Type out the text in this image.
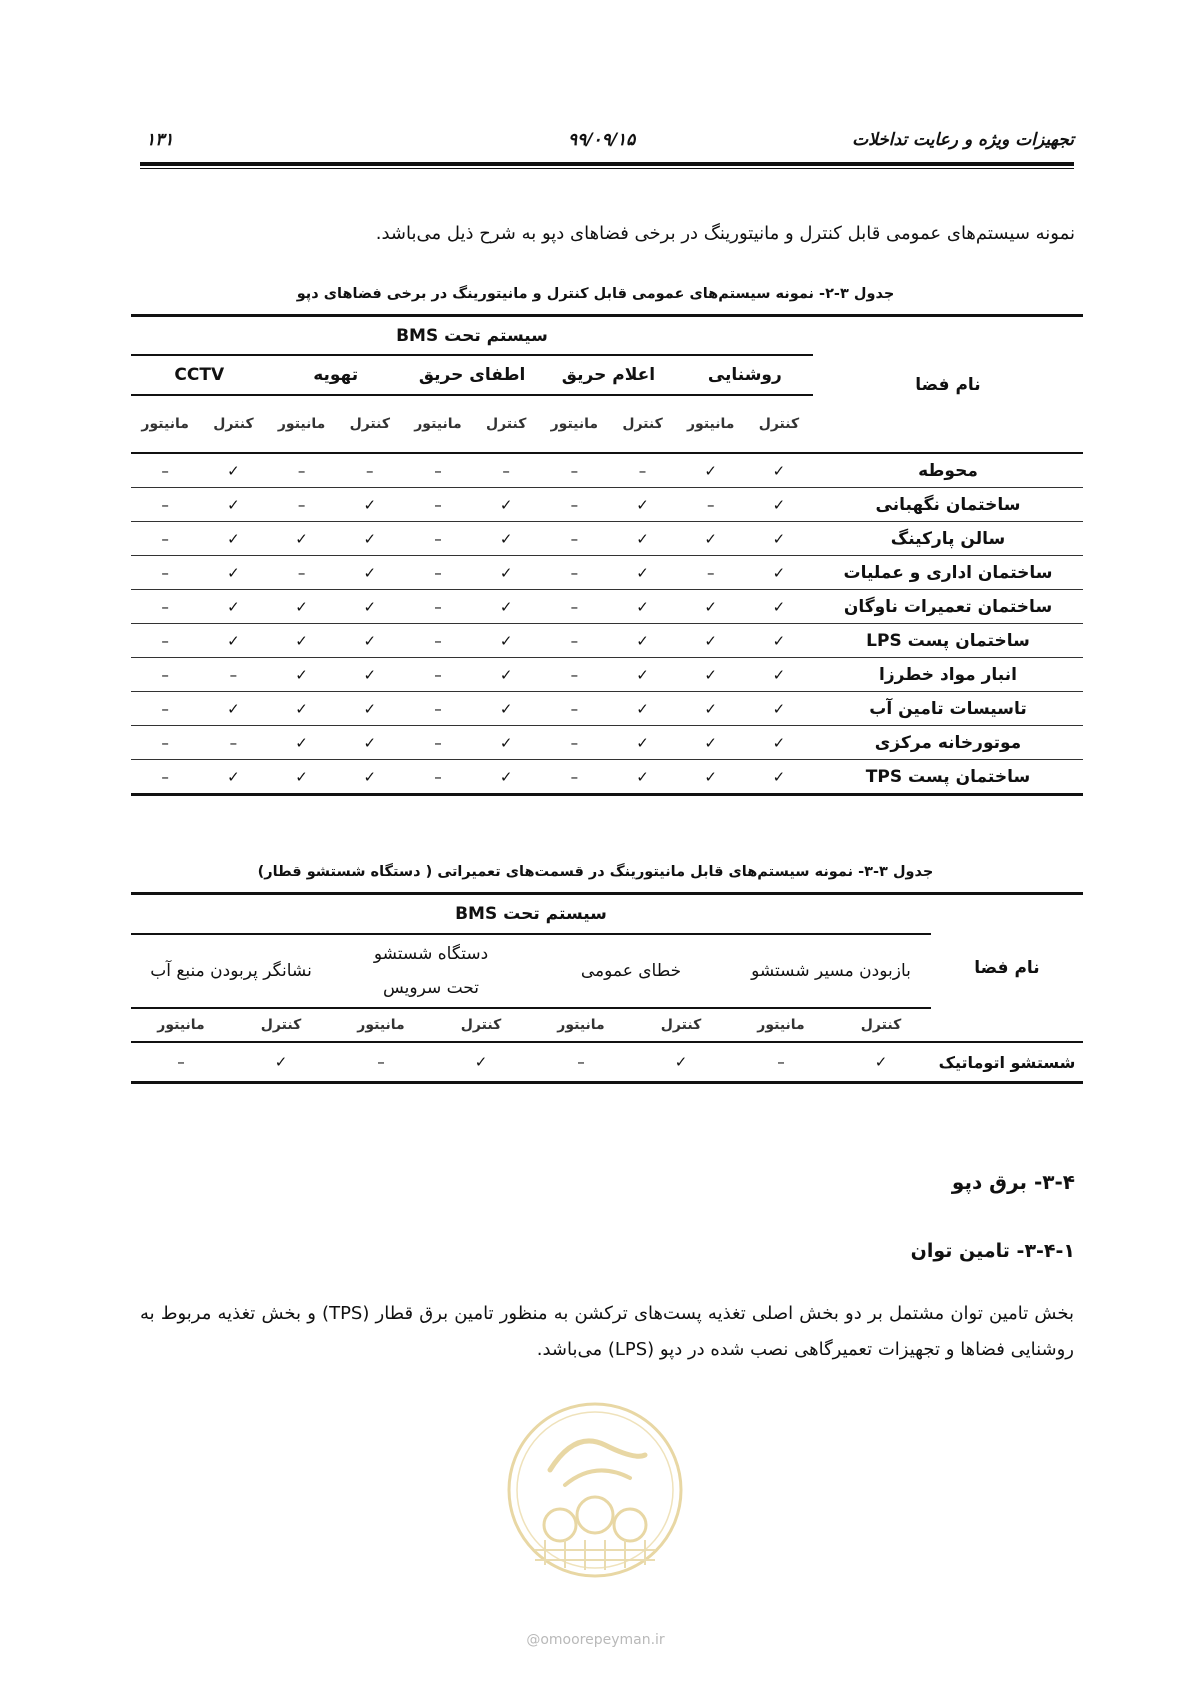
تجهیزات ویژه و رعایت تداخلات
۹۹/۰۹/۱۵
۱۳۱
نمونه سیستم‌های عمومی قابل کنترل و مانیتورینگ در برخی فضاهای دپو به شرح ذیل می‌باشد.
جدول ۳-۲- نمونه سیستم‌های عمومی قابل کنترل و مانیتورینگ در برخی فضاهای دپو
نام فضا	سیستم تحت BMS									
	روشنایی		اعلام حریق		اطفای حریق		تهویه		CCTV	
	کنترل	مانیتور	کنترل	مانیتور	کنترل	مانیتور	کنترل	مانیتور	کنترل	مانیتور
محوطه	✓	✓	–	–	–	–	–	–	✓	–
ساختمان نگهبانی	✓	–	✓	–	✓	–	✓	–	✓	–
سالن پارکینگ	✓	✓	✓	–	✓	–	✓	✓	✓	–
ساختمان اداری و عملیات	✓	–	✓	–	✓	–	✓	–	✓	–
ساختمان تعمیرات ناوگان	✓	✓	✓	–	✓	–	✓	✓	✓	–
ساختمان پست LPS	✓	✓	✓	–	✓	–	✓	✓	✓	–
انبار مواد خطرزا	✓	✓	✓	–	✓	–	✓	✓	–	–
تاسیسات تامین آب	✓	✓	✓	–	✓	–	✓	✓	✓	–
موتورخانه مرکزی	✓	✓	✓	–	✓	–	✓	✓	–	–
ساختمان پست TPS	✓	✓	✓	–	✓	–	✓	✓	✓	–
جدول ۳-۳- نمونه سیستم‌های قابل مانیتورینگ در قسمت‌های تعمیراتی ( دستگاه شستشو قطار)
نام فضا	سیستم تحت BMS							
	بازبودن مسیر شستشو		خطای عمومی		دستگاه شستشو تحت سرویس		نشانگر پربودن منبع آب	
	کنترل	مانیتور	کنترل	مانیتور	کنترل	مانیتور	کنترل	مانیتور
شستشو اتوماتیک	✓	–	✓	–	✓	–	✓	–
۳-۴- برق دپو
۳-۴-۱- تامین توان
بخش تامین توان مشتمل بر دو بخش اصلی تغذیه پست‌های ترکشن به منظور تامین برق قطار (TPS) و بخش تغذیه مربوط به روشنایی فضاها و تجهیزات تعمیرگاهی نصب شده در دپو (LPS) می‌باشد.
@omoorepeyman.ir
